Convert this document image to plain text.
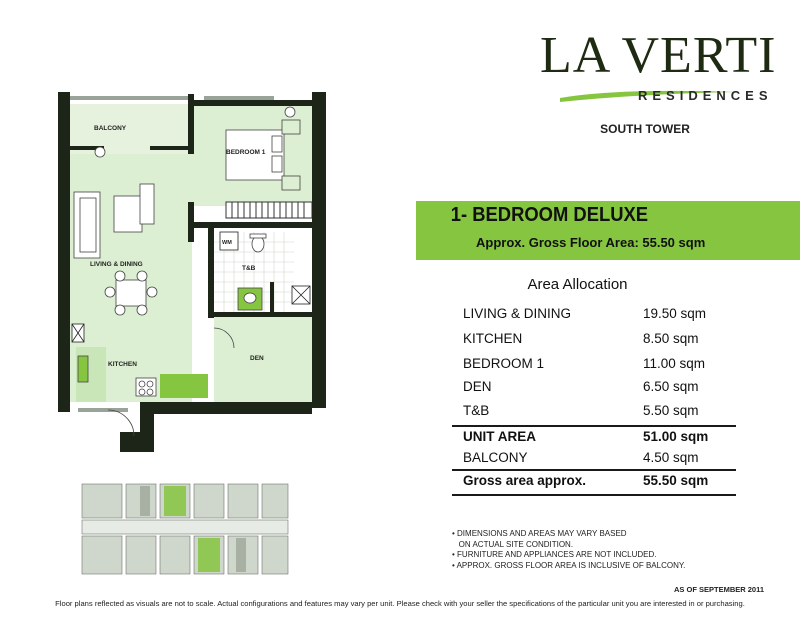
LA VERTI
RESIDENCES
SOUTH TOWER
1- BEDROOM DELUXE
Approx. Gross Floor Area: 55.50 sqm
Area Allocation
LIVING & DINING	19.50 sqm
KITCHEN	8.50 sqm
BEDROOM 1	11.00 sqm
DEN	6.50 sqm
T&B	5.50 sqm
UNIT AREA	51.00 sqm
BALCONY	4.50 sqm
Gross area approx.	55.50 sqm
• DIMENSIONS AND AREAS MAY VARY BASED
ON ACTUAL SITE CONDITION.
• FURNITURE AND APPLIANCES ARE NOT INCLUDED.
• APPROX. GROSS FLOOR AREA IS INCLUSIVE OF BALCONY.
AS OF SEPTEMBER 2011
Floor plans reflected as visuals are not to scale. Actual configurations and features may vary per unit. Please check with your seller the specifications of the particular unit you are interested in or purchasing.
BALCONY
BEDROOM 1
LIVING & DINING
KITCHEN
DEN
T&B
WM
